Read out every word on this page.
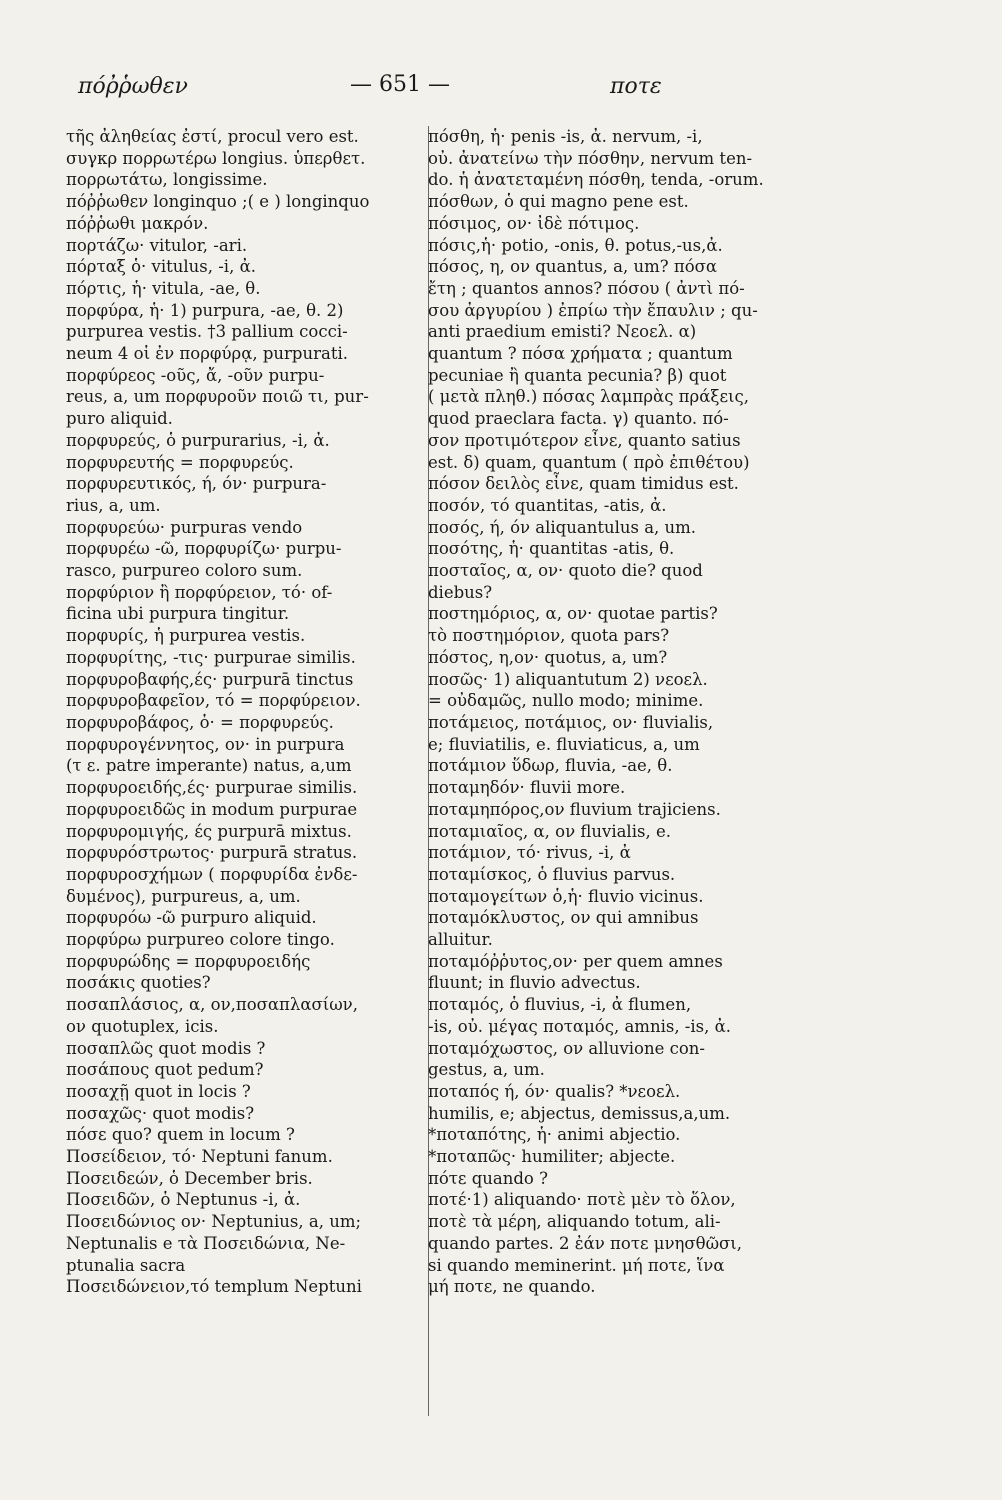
πόῤῥωθεν	— 651 —	ποτε
τῆς ἀληθείας ἐστί, procul vero est.
συγκρ πορρωτέρω longius. ὑπερθετ.
πορρωτάτω, longissime.
πόῤῥωθεν longinquo ;( e ) longinquo
πόῤῥωθι μακρόν.
πορτάζω· vitulor, -ari.
πόρταξ ὁ· vitulus, -i, ἀ.
πόρτις, ἡ· vitula, -ae, θ.
πορφύρα, ἡ· 1) purpura, -ae, θ. 2)
purpurea vestis. †3 pallium cocci-
neum 4 οἱ ἐν πορφύρᾳ, purpurati.
πορφύρεος -οῦς, ἄ, -οῦν purpu-
reus, a, um πορφυροῦν ποιῶ τι, pur-
puro aliquid.
πορφυρεύς, ὁ purpurarius, -i, ἀ.
πορφυρευτής = πορφυρεύς.
πορφυρευτικός, ή, όν· purpura-
rius, a, um.
πορφυρεύω· purpuras vendo
πορφυρέω -ῶ, πορφυρίζω· purpu-
rasco, purpureo coloro sum.
πορφύριον ἢ πορφύρειον, τό· of-
ficina ubi purpura tingitur.
πορφυρίς, ἡ purpurea vestis.
πορφυρίτης, -τις· purpurae similis.
πορφυροβαφής,ές· purpurā tinctus
πορφυροβαφεῖον, τό = πορφύρειον.
πορφυροβάφος, ὁ· = πορφυρεύς.
πορφυρογέννητος, ον· in purpura
(τ ε. patre imperante) natus, a,um
πορφυροειδής,ές· purpurae similis.
πορφυροειδῶς in modum purpurae
πορφυρομιγής, ές purpurā mixtus.
πορφυρόστρωτος· purpurā stratus.
πορφυροσχήμων ( πορφυρίδα ἐνδε-
δυμένος), purpureus, a, um.
πορφυρόω -ῶ purpuro aliquid.
πορφύρω purpureo colore tingo.
πορφυρώδης = πορφυροειδής
ποσάκις quoties?
ποσαπλάσιος, α, ον,ποσαπλασίων,
ον quotuplex, icis.
ποσαπλῶς quot modis ?
ποσάπους quot pedum?
ποσαχῇ quot in locis ?
ποσαχῶς· quot modis?
πόσε quo? quem in locum ?
Ποσείδειον, τό· Neptuni fanum.
Ποσειδεών, ὁ December bris.
Ποσειδῶν, ὁ Neptunus -i, ἀ.
Ποσειδώνιος ον· Neptunius, a, um;
Neptunalis e τὰ Ποσειδώνια, Ne-
ptunalia sacra
Ποσειδώνειον,τό templum Neptuni
πόσθη, ἡ· penis -is, ἀ. nervum, -i,
οὐ. ἀνατείνω τὴν πόσθην, nervum ten-
do. ἡ ἀνατεταμένη πόσθη, tenda, -orum.
πόσθων, ὁ qui magno pene est.
πόσιμος, ον· ἰδὲ πότιμος.
πόσις,ἡ· potio, -onis, θ. potus,-us,ἀ.
πόσος, η, ον quantus, a, um? πόσα
ἔτη ; quantos annos? πόσου ( ἀντὶ πό-
σου ἀργυρίου ) ἐπρίω τὴν ἔπαυλιν ; qu-
anti praedium emisti? Νεοελ. α)
quantum ? πόσα χρήματα ; quantum
pecuniae ἢ quanta pecunia? β) quot
( μετὰ πληθ.) πόσας λαμπρὰς πράξεις,
quod praeclara facta. γ) quanto. πό-
σον προτιμότερον εἶνε, quanto satius
est. δ) quam, quantum ( πρὸ ἐπιθέτου)
πόσον δειλὸς εἶνε, quam timidus est.
ποσόν, τό quantitas, -atis, ἀ.
ποσός, ή, όν aliquantulus a, um.
ποσότης, ἡ· quantitas -atis, θ.
ποσταῖος, α, ον· quoto die? quod
diebus?
ποστημόριος, α, ον· quotae partis?
τὸ ποστημόριον, quota pars?
πόστος, η,ον· quotus, a, um?
ποσῶς· 1) aliquantutum 2) νεοελ.
= οὐδαμῶς, nullo modo; minime.
ποτάμειος, ποτάμιος, ον· fluvialis,
e; fluviatilis, e. fluviaticus, a, um
ποτάμιον ὕδωρ, fluvia, -ae, θ.
ποταμηδόν· fluvii more.
ποταμηπόρος,ον fluvium trajiciens.
ποταμιαῖος, α, ον fluvialis, e.
ποτάμιον, τό· rivus, -i, ἀ
ποταμίσκος, ὁ fluvius parvus.
ποταμογείτων ὁ,ἡ· fluvio vicinus.
ποταμόκλυστος, ον qui amnibus
alluitur.
ποταμόῤῥυτος,ον· per quem amnes
fluunt; in fluvio advectus.
ποταμός, ὁ fluvius, -i, ἀ flumen,
-is, οὐ. μέγας ποταμός, amnis, -is, ἀ.
ποταμόχωστος, ον alluvione con-
gestus, a, um.
ποταπός ή, όν· qualis? *νεοελ.
humilis, e; abjectus, demissus,a,um.
*ποταπότης, ἡ· animi abjectio.
*ποταπῶς· humiliter; abjecte.
πότε quando ?
ποτέ·1) aliquando· ποτὲ μὲν τὸ ὅλον,
ποτὲ τὰ μέρη, aliquando totum, ali-
quando partes. 2 ἐάν ποτε μνησθῶσι,
si quando meminerint. μή ποτε, ἵνα
μή ποτε, ne quando.
